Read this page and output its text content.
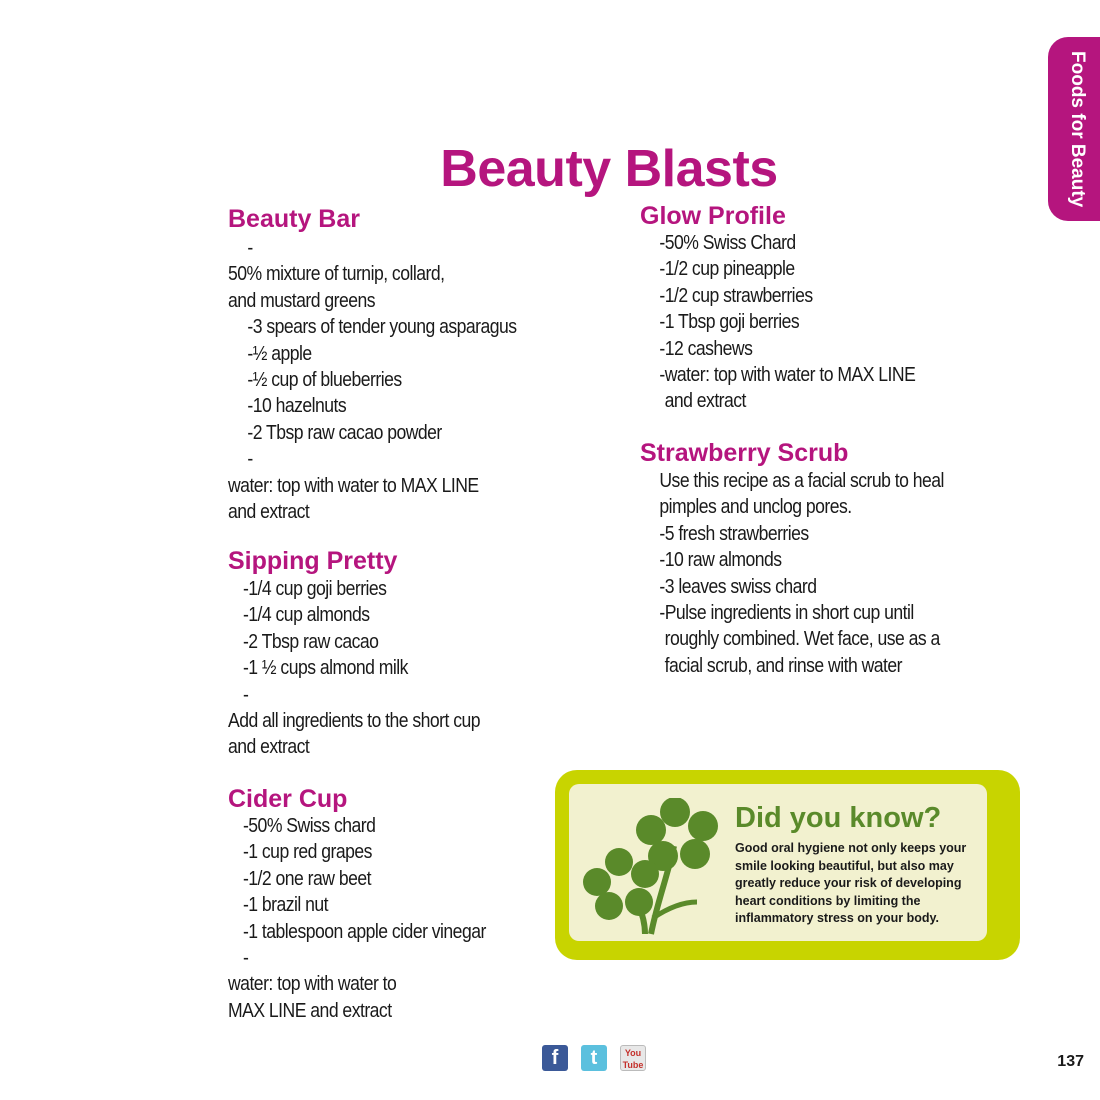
Foods for Beauty
Beauty Blasts
Beauty Bar
-
50% mixture of turnip, collard,
and mustard greens
-3 spears of tender young asparagus
-½ apple
-½ cup of blueberries
-10 hazelnuts
-2 Tbsp raw cacao powder
-
water: top with water to MAX LINE
and extract
Sipping Pretty
-1/4 cup goji berries
-1/4 cup almonds
-2 Tbsp raw cacao
-1 ½ cups almond milk
-
Add all ingredients to the short cup
and extract
Cider Cup
-50% Swiss chard
-1 cup red grapes
-1/2 one raw beet
-1 brazil nut
-1 tablespoon apple cider vinegar
-
water: top with water to
MAX LINE and extract
Glow Profile
-50% Swiss Chard
-1/2 cup pineapple
-1/2 cup strawberries
-1 Tbsp goji berries
-12 cashews
-water: top with water to MAX LINE
and extract
Strawberry Scrub
Use this recipe as a facial scrub to heal
pimples and unclog pores.
-5 fresh strawberries
-10 raw almonds
-3 leaves swiss chard
-Pulse ingredients in short cup until
roughly combined. Wet face, use as a
facial scrub, and rinse with water
Did you know?
Good oral hygiene not only keeps your smile looking beautiful, but also may greatly reduce your risk of developing heart conditions by limiting the inflammatory stress on your body.
f	t	You Tube	137
